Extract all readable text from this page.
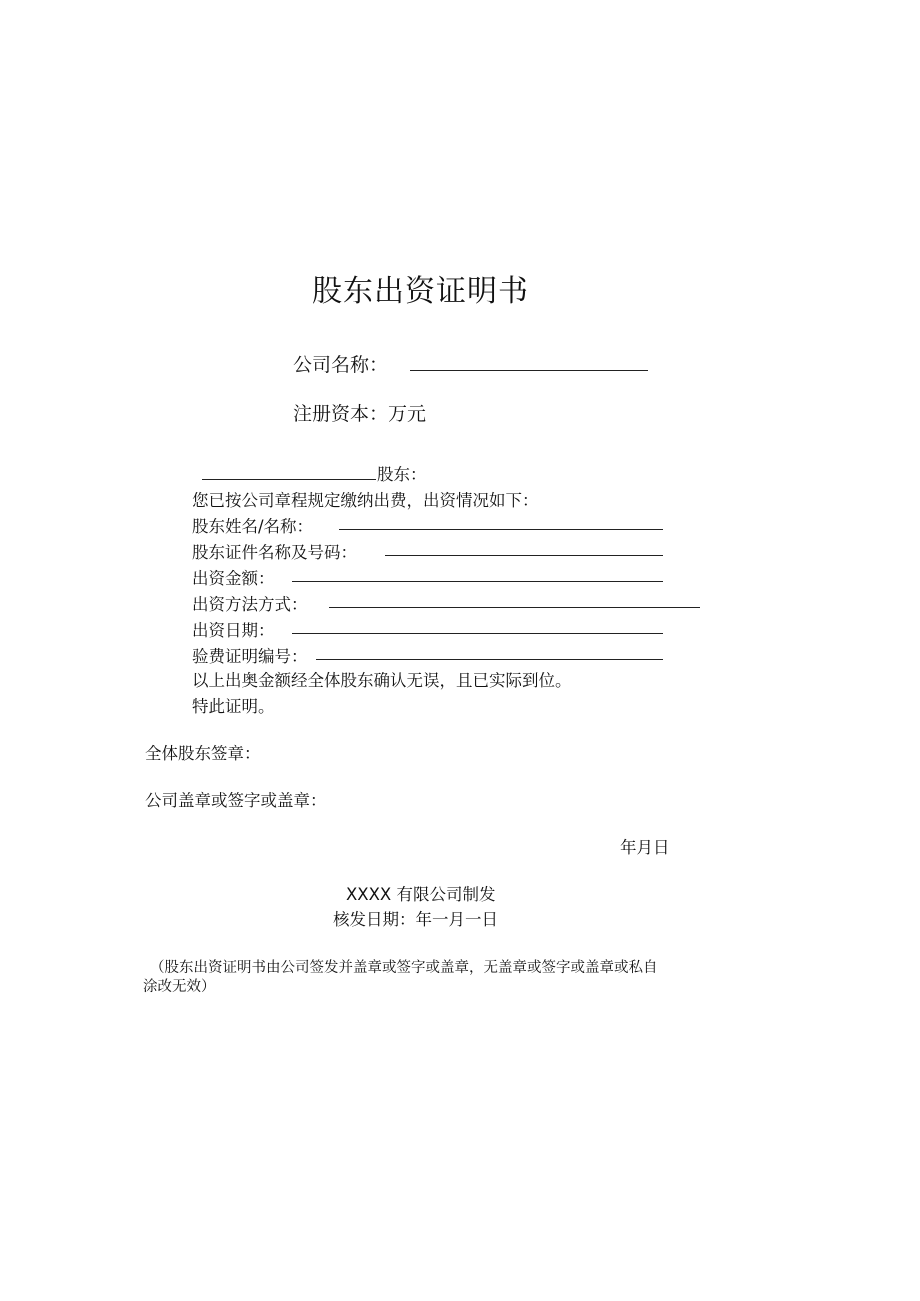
股东出资证明书
公司名称：
注册资本：万元
股东：
您已按公司章程规定缴纳出费，出资情况如下：
股东姓名/名称：
股东证件名称及号码：
出资金额：
出资方法方式：
出资日期：
验费证明编号：
以上出奥金额经全体股东确认无误，且已实际到位。
特此证明。
全体股东签章：
公司盖章或签字或盖章：
年月日
XXXX 有限公司制发
核发日期：年一月一日
（股东出资证明书由公司签发并盖章或签字或盖章，无盖章或签字或盖章或私自
涂改无效）
